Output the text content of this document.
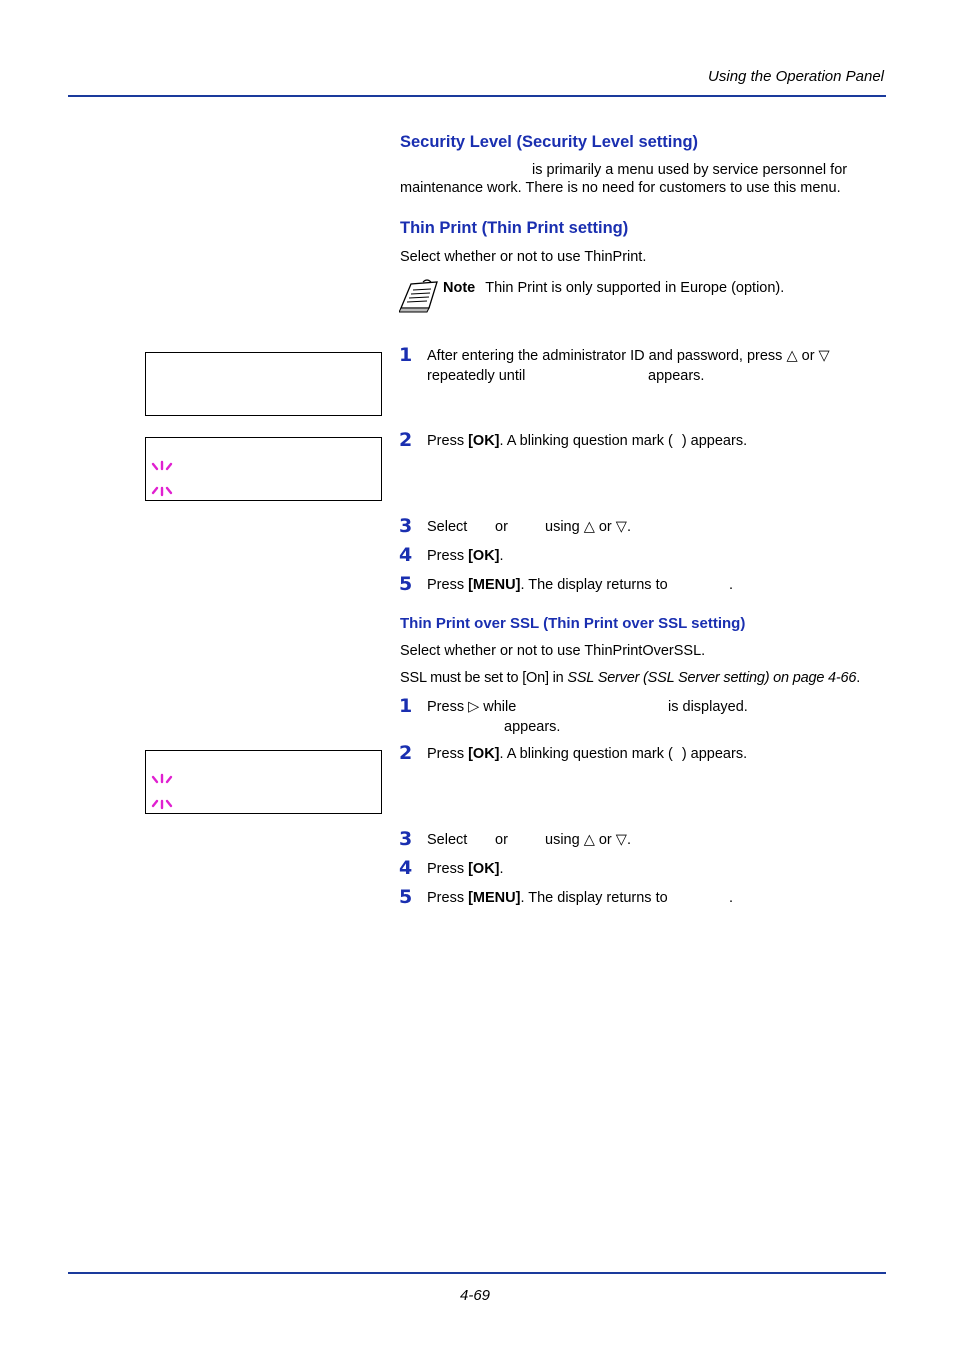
Using the Operation Panel
Security Level (Security Level setting)
is primarily a menu used by service personnel for
maintenance work. There is no need for customers to use this menu.
Thin Print (Thin Print setting)
Select whether or not to use ThinPrint.
Note Thin Print is only supported in Europe (option).
1 After entering the administrator ID and password, press △ or ▽
repeatedly until	appears.
2 Press [OK]. A blinking question mark ( ) appears.
3 Select or	using △ or ▽.
4 Press [OK].
5 Press [MENU]. The display returns to	.
Thin Print over SSL (Thin Print over SSL setting)
Select whether or not to use ThinPrintOverSSL.
SSL must be set to [On] in SSL Server (SSL Server setting) on page 4-66.
1 Press ▷ while	is displayed.
appears.
2 Press [OK]. A blinking question mark ( ) appears.
3 Select or	using △ or ▽.
4 Press [OK].
5 Press [MENU]. The display returns to	.
4-69
